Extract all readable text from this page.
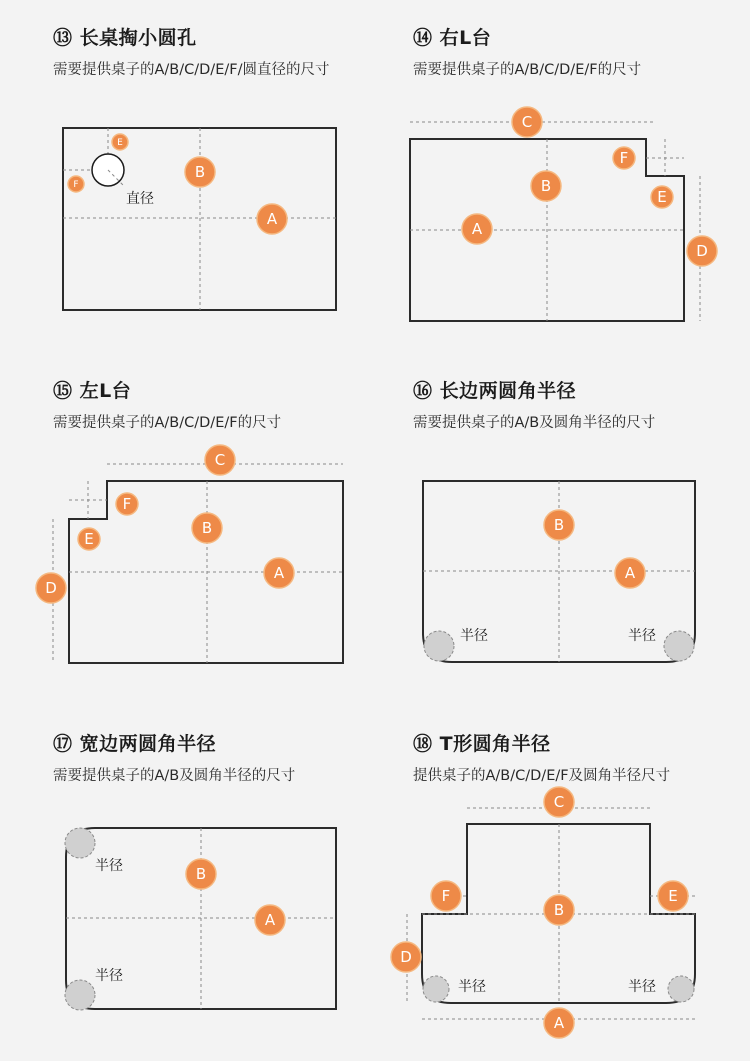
⑬ 长桌掏小圆孔
需要提供桌子的A/B/C/D/E/F/圆直径的尺寸
直径
E
F
B
A
⑭ 右L台
需要提供桌子的A/B/C/D/E/F的尺寸
C
B
A
F
E
D
⑮ 左L台
需要提供桌子的A/B/C/D/E/F的尺寸
C
B
A
F
E
D
⑯ 长边两圆角半径
需要提供桌子的A/B及圆角半径的尺寸
半径	半径
B
A
⑰ 宽边两圆角半径
需要提供桌子的A/B及圆角半径的尺寸
半径
半径
B
A
⑱ T形圆角半径
提供桌子的A/B/C/D/E/F及圆角半径尺寸
半径	半径
C
B
F	E
D
A
